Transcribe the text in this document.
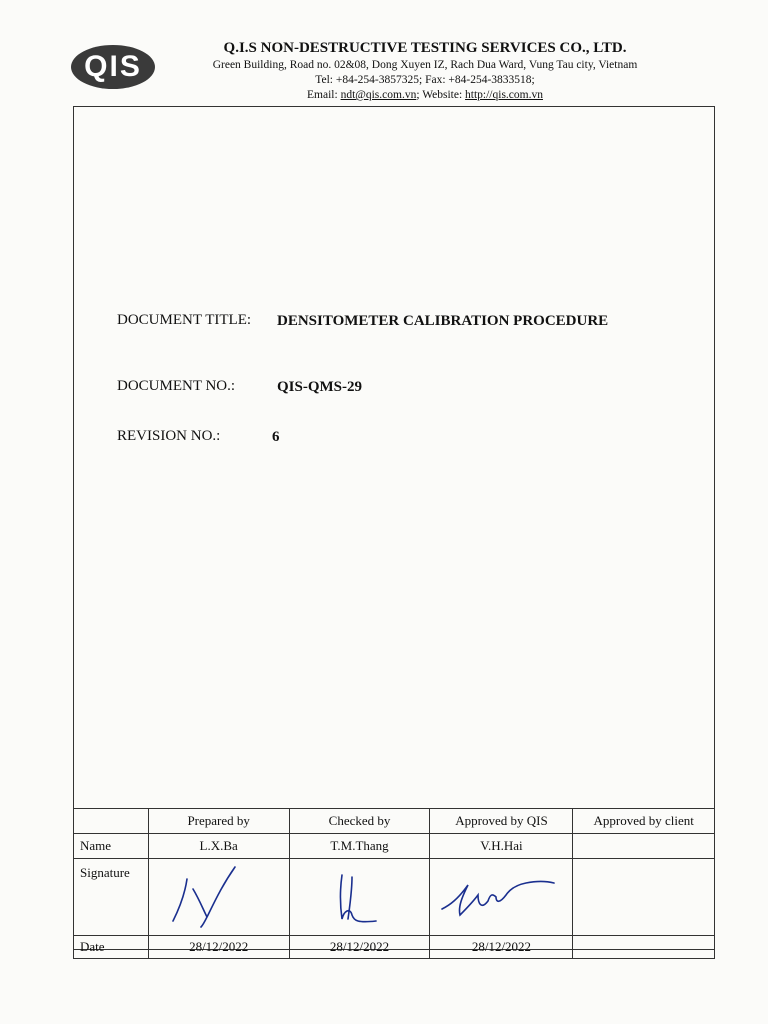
QIS
Q.I.S NON-DESTRUCTIVE TESTING SERVICES CO., LTD.
Green Building, Road no. 02&08, Dong Xuyen IZ, Rach Dua Ward, Vung Tau city, Vietnam
Tel: +84-254-3857325; Fax: +84-254-3833518;
Email: ndt@qis.com.vn; Website: http://qis.com.vn
DOCUMENT TITLE: DENSITOMETER CALIBRATION PROCEDURE
DOCUMENT NO.:	QIS-QMS-29
REVISION NO.:	6
	Prepared by	Checked by	Approved by QIS	Approved by client
Name	L.X.Ba	T.M.Thang	V.H.Hai	
Signature	

Date	28/12/2022	28/12/2022	28/12/2022	
